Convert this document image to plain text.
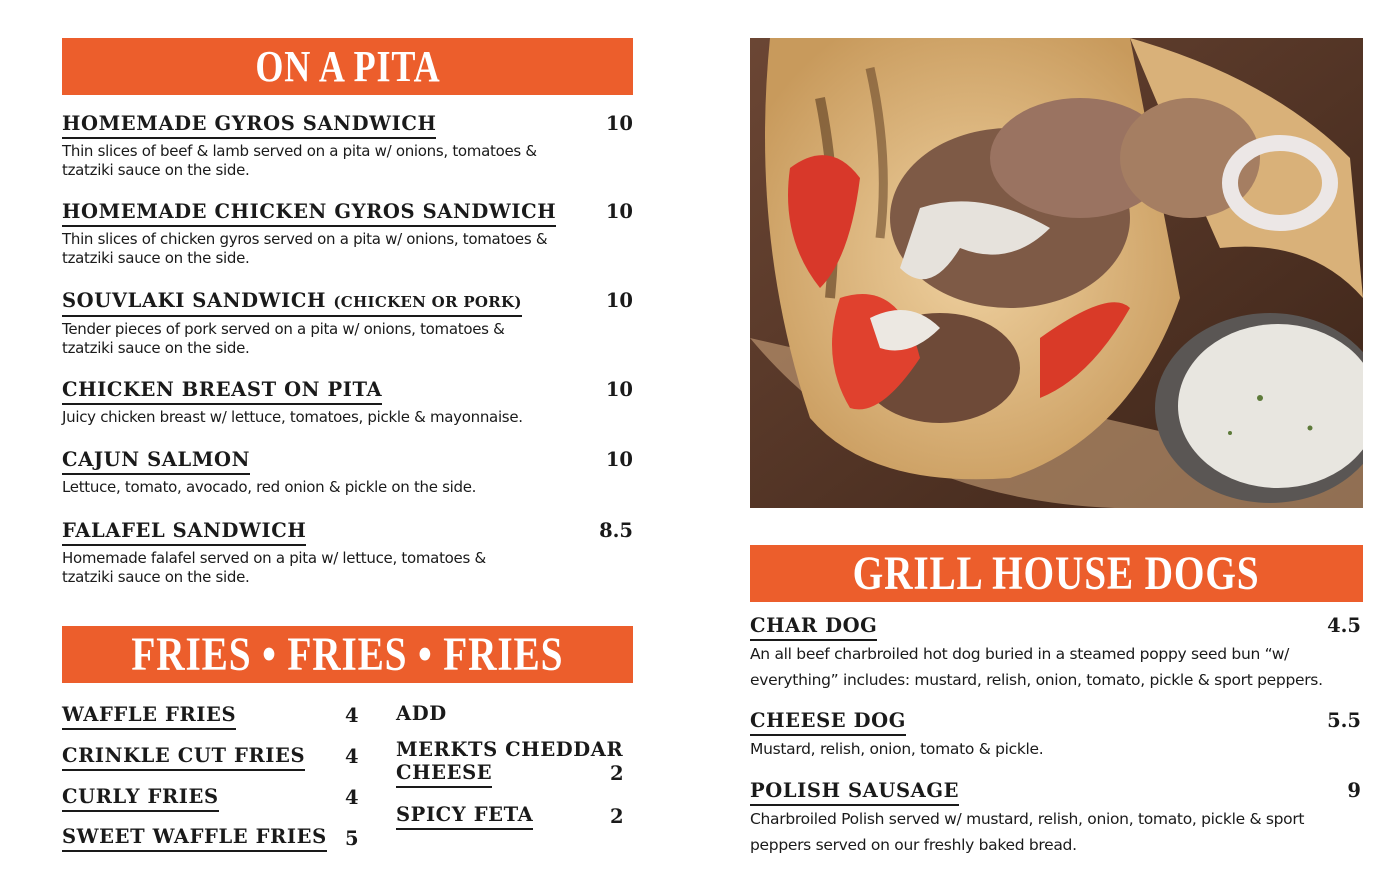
ON A PITA
HOMEMADE GYROS SANDWICH	10
Thin slices of beef & lamb served on a pita w/ onions, tomatoes &
tzatziki sauce on the side.
HOMEMADE CHICKEN GYROS SANDWICH	10
Thin slices of chicken gyros served on a pita w/ onions, tomatoes &
tzatziki sauce on the side.
SOUVLAKI SANDWICH (CHICKEN OR PORK)	10
Tender pieces of pork served on a pita w/ onions, tomatoes &
tzatziki sauce on the side.
CHICKEN BREAST ON PITA	10
Juicy chicken breast w/ lettuce, tomatoes, pickle & mayonnaise.
CAJUN SALMON	10
Lettuce, tomato, avocado, red onion & pickle on the side.
FALAFEL SANDWICH	8.5
Homemade falafel served on a pita w/ lettuce, tomatoes &
tzatziki sauce on the side.
FRIES • FRIES • FRIES
WAFFLE FRIES	4
CRINKLE CUT FRIES 4
CURLY FRIES	4
SWEET WAFFLE FRIES 5
ADD
MERKTS CHEDDAR
CHEESE	2
SPICY FETA	2
GRILL HOUSE DOGS
CHAR DOG	4.5
An all beef charbroiled hot dog buried in a steamed poppy seed bun “w/
everything” includes: mustard, relish, onion, tomato, pickle & sport peppers.
CHEESE DOG	5.5
Mustard, relish, onion, tomato & pickle.
POLISH SAUSAGE	9
Charbroiled Polish served w/ mustard, relish, onion, tomato, pickle & sport
peppers served on our freshly baked bread.
